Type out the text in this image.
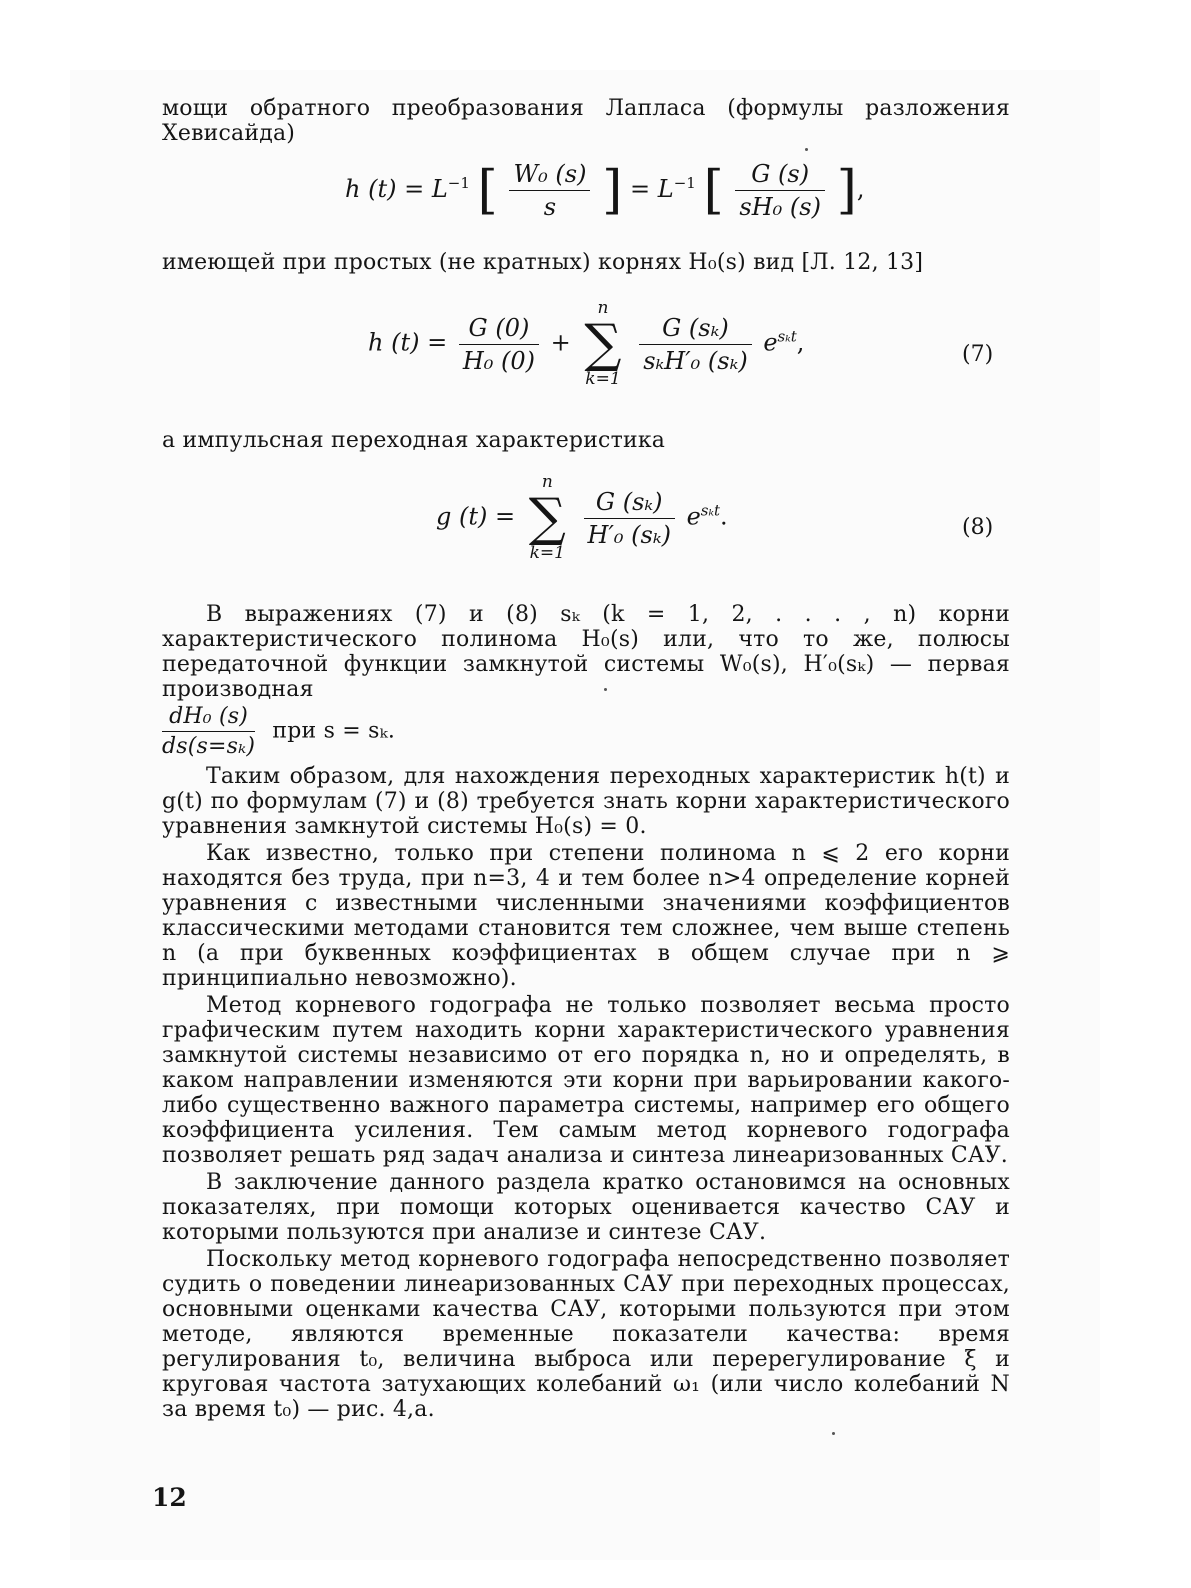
мощи обратного преобразования Лапласа (формулы разложения

Хевисайда)

h $(t) = L^{-1}$ [ $\frac{\text{W₀ (s)}}{s}$ ] = $L^{-1}$ [ $\frac{G (s)}{\text{sH₀ (s)}}$ ],

имеющей при простых (не кратных) корнях H₀(s) вид [Л. 12, 13]

h $(t) = \frac{G (0)}{\text{H₀ (0)}}$ +
n
∑
k=1

$\frac{\text{G (sₖ)}}{\text{sₖH′₀ (sₖ)}} e^{s_kt}$,	(7)

а импульсная переходная характеристика

g (t) =
n
∑
k=1

$\frac{\text{G (sₖ)}}{\text{H′₀ (sₖ)}} e^{s_kt}$.	(8)

В выражениях (7) и (8) sₖ (k = 1, 2, . . . , n) корни характеристического полинома H₀(s) или, что то же, полюсы передаточной функции замкнутой системы W₀(s), H′₀(sₖ) — первая производная

$\frac{\text{dH₀ (s)}}{\text{ds(s=sₖ)}}$ при s = sₖ.

Таким образом, для нахождения переходных характеристик h(t) и g(t) по формулам (7) и (8) требуется знать корни характеристического уравнения замкнутой системы H₀(s) = 0.

Как известно, только при степени полинома n ⩽ 2 его корни находятся без труда, при n=3, 4 и тем более n>4 определение корней уравнения с известными численными значениями коэффициентов классическими методами становится тем сложнее, чем выше степень n (а при буквенных коэффициентах в общем случае при n ⩾ принципиально невозможно).

Метод корневого годографа не только позволяет весьма просто графическим путем находить корни характеристического уравнения замкнутой системы независимо от его порядка n, но и определять, в каком направлении изменяются эти корни при варьировании какого-либо существенно важного параметра системы, например его общего коэффициента усиления. Тем самым метод корневого годографа позволяет решать ряд задач анализа и синтеза линеаризованных САУ.

В заключение данного раздела кратко остановимся на основных показателях, при помощи которых оценивается качество САУ и которыми пользуются при анализе и синтезе САУ.

Поскольку метод корневого годографа непосредственно позволяет судить о поведении линеаризованных САУ при переходных процессах, основными оценками качества САУ, которыми пользуются при этом методе, являются временные показатели качества: время регулирования t₀, величина выброса или перерегулирование ξ и круговая частота затухающих колебаний ω₁ (или число колебаний N за время t₀) — рис. 4,а.

12
